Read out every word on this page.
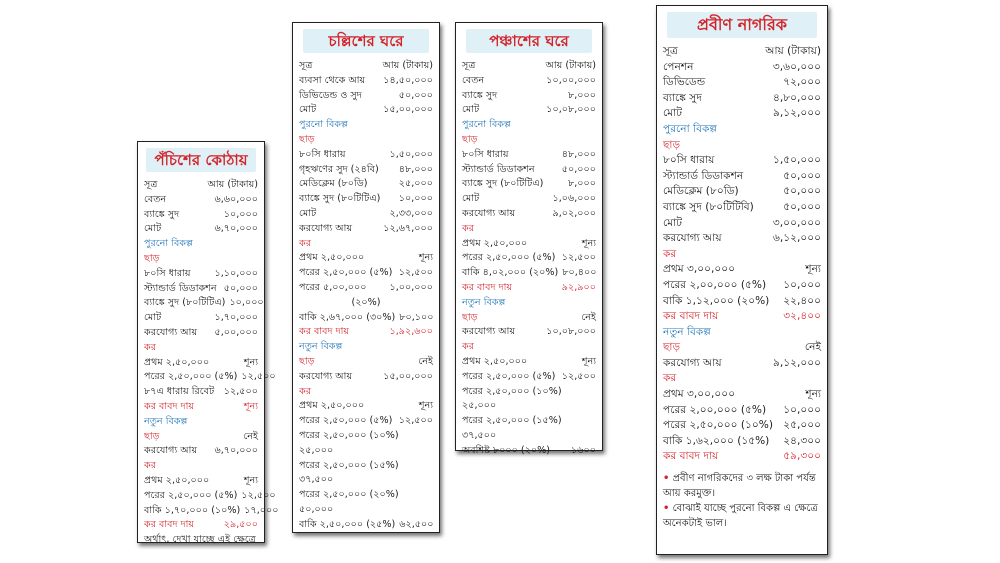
পঁচিশের কোঠায়
সূত্র	আয় (টাকায়)
বেতন	৬,৬০,০০০
ব্যাঙ্কে সুদ	১০,০০০
মোট	৬,৭০,০০০
পুরনো বিকল্প
ছাড়
৮০সি ধারায়	১,১০,০০০
স্ট্যান্ডার্ড ডিডাকশন ৫০,০০০
ব্যাঙ্কে সুদ (৮০টিটিএ) ১০,০০০
মোট	১,৭০,০০০
করযোগ্য আয়	৫,০০,০০০
কর
প্রথম ২,৫০,০০০	শূন্য
পরের ২,৫০,০০০ (৫%) ১২,৫০০
৮৭এ ধারায় রিবেট ১২,৫০০
কর বাবদ দায়	শূন্য
নতুন বিকল্প
ছাড়	নেই
করযোগ্য আয়	৬,৭০,০০০
কর
প্রথম ২,৫০,০০০	শূন্য
পরের ২,৫০,০০০ (৫%) ১২,৫০০
বাকি ১,৭০,০০০ (১০%) ১৭,০০০
কর বাবদ দায়	২৯,৫০০
অর্থাৎ, দেখা যাচ্ছে এই ক্ষেত্রে
চল্লিশের ঘরে
সূত্র	আয় (টাকায়)
ব্যবসা থেকে আয়	১৪,৫০,০০০
ডিভিডেন্ড ও সুদ	৫০,০০০
মোট	১৫,০০,০০০
পুরনো বিকল্প
ছাড়
৮০সি ধারায়	১,৫০,০০০
গৃহঋণের সুদ (২৪বি)	৪৮,০০০
মেডিক্লেম (৮০ডি)	২৫,০০০
ব্যাঙ্কে সুদ (৮০টিটিএ)	১০,০০০
মোট	২,৩৩,০০০
করযোগ্য আয়	১২,৬৭,০০০
কর
প্রথম ২,৫০,০০০	শূন্য
পরের ২,৫০,০০০ (৫%) ১২,৫০০
পরের ৫,০০,০০০	১,০০,০০০
(২০%)
বাকি ২,৬৭,০০০ (৩০%) ৮০,১০০
কর বাবদ দায়	১,৯২,৬০০
নতুন বিকল্প
ছাড়	নেই
করযোগ্য আয়	১৫,০০,০০০
কর
প্রথম ২,৫০,০০০	শূন্য
পরের ২,৫০,০০০ (৫%) ১২,৫০০
পরের ২,৫০,০০০ (১০%)
২৫,০০০
পরের ২,৫০,০০০ (১৫%)
৩৭,৫০০
পরের ২,৫০,০০০ (২০%)
৫০,০০০
বাকি ২,৫০,০০০ (২৫%) ৬২,৫০০
পঞ্চাশের ঘরে
সূত্র	আয় (টাকায়)
বেতন	১০,০০,০০০
ব্যাঙ্কে সুদ	৮,০০০
মোট	১০,০৮,০০০
পুরনো বিকল্প
ছাড়
৮০সি ধারায়	৪৮,০০০
স্ট্যান্ডার্ড ডিডাকশন	৫০,০০০
ব্যাঙ্কে সুদ (৮০টিটিএ)	৮,০০০
মোট	১,০৬,০০০
করযোগ্য আয়	৯,০২,০০০
কর
প্রথম ২,৫০,০০০	শূন্য
পরের ২,৫০,০০০ (৫%) ১২,৫০০
বাকি ৪,০২,০০০ (২০%) ৮০,৪০০
কর বাবদ দায়	৯২,৯০০
নতুন বিকল্প
ছাড়	নেই
করযোগ্য আয়	১০,০৮,০০০
কর
প্রথম ২,৫০,০০০	শূন্য
পরের ২,৫০,০০০ (৫%) ১২,৫০০
পরের ২,৫০,০০০ (১০%)
২৫,০০০
পরের ২,৫০,০০০ (১৫%)
৩৭,৫০০
অবশিষ্ট ৮০০০ (২০%)	১৬০০
প্রবীণ নাগরিক
সূত্র	আয় (টাকায়)
পেনশন	৩,৬০,০০০
ডিভিডেন্ড	৭২,০০০
ব্যাঙ্কে সুদ	৪,৮০,০০০
মোট	৯,১২,০০০
পুরনো বিকল্প
ছাড়
৮০সি ধারায়	১,৫০,০০০
স্ট্যান্ডার্ড ডিডাকশন	৫০,০০০
মেডিক্লেম (৮০ডি)	৫০,০০০
ব্যাঙ্কে সুদ (৮০টিটিবি)	৫০,০০০
মোট	৩,০০,০০০
করযোগ্য আয়	৬,১২,০০০
কর
প্রথম ৩,০০,০০০	শূন্য
পরের ২,০০,০০০ (৫%)	১০,০০০
বাকি ১,১২,০০০ (২০%)	২২,৪০০
কর বাবদ দায়	৩২,৪০০
নতুন বিকল্প
ছাড়	নেই
করযোগ্য আয়	৯,১২,০০০
কর
প্রথম ৩,০০,০০০	শূন্য
পরের ২,০০,০০০ (৫%)	১০,০০০
পরের ২,৫০,০০০ (১০%) ২৫,০০০
বাকি ১,৬২,০০০ (১৫%)	২৪,৩০০
কর বাবদ দায়	৫৯,৩০০
• প্রবীণ নাগরিকদের ৩ লক্ষ টাকা পর্যন্ত আয় করমুক্ত।
• বোঝাই যাচ্ছে পুরনো বিকল্প এ ক্ষেত্রে অনেকটাই ভাল।
